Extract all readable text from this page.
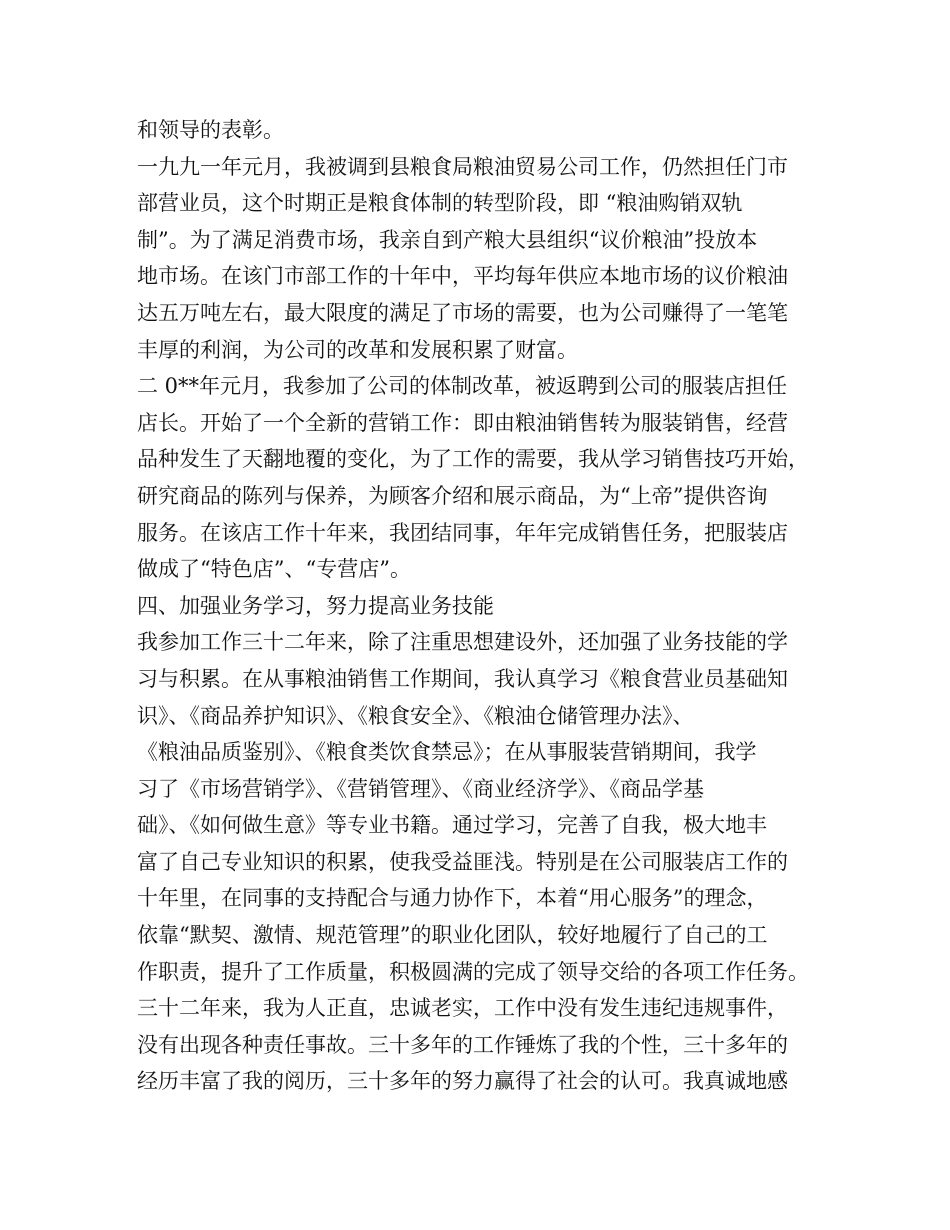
和领导的表彰。
一九九一年元月，我被调到县粮食局粮油贸易公司工作，仍然担任门市
部营业员，这个时期正是粮食体制的转型阶段，即 “粮油购销双轨
制”。为了满足消费市场，我亲自到产粮大县组织“议价粮油”投放本
地市场。在该门市部工作的十年中，平均每年供应本地市场的议价粮油
达五万吨左右，最大限度的满足了市场的需要，也为公司赚得了一笔笔
丰厚的利润，为公司的改革和发展积累了财富。
二 0**年元月，我参加了公司的体制改革，被返聘到公司的服装店担任
店长。开始了一个全新的营销工作：即由粮油销售转为服装销售，经营
品种发生了天翻地覆的变化，为了工作的需要，我从学习销售技巧开始，
研究商品的陈列与保养，为顾客介绍和展示商品，为“上帝”提供咨询
服务。在该店工作十年来，我团结同事，年年完成销售任务，把服装店
做成了“特色店”、“专营店”。
四、加强业务学习，努力提高业务技能
我参加工作三十二年来，除了注重思想建设外，还加强了业务技能的学
习与积累。在从事粮油销售工作期间，我认真学习《粮食营业员基础知
识》、《商品养护知识》、《粮食安全》、《粮油仓储管理办法》、
《粮油品质鉴别》、《粮食类饮食禁忌》；在从事服装营销期间，我学
习了《市场营销学》、《营销管理》、《商业经济学》、《商品学基
础》、《如何做生意》等专业书籍。通过学习，完善了自我，极大地丰
富了自己专业知识的积累，使我受益匪浅。特别是在公司服装店工作的
十年里，在同事的支持配合与通力协作下，本着“用心服务”的理念，
依靠“默契、激情、规范管理”的职业化团队，较好地履行了自己的工
作职责，提升了工作质量，积极圆满的完成了领导交给的各项工作任务。
三十二年来，我为人正直，忠诚老实，工作中没有发生违纪违规事件，
没有出现各种责任事故。三十多年的工作锤炼了我的个性，三十多年的
经历丰富了我的阅历，三十多年的努力赢得了社会的认可。我真诚地感
